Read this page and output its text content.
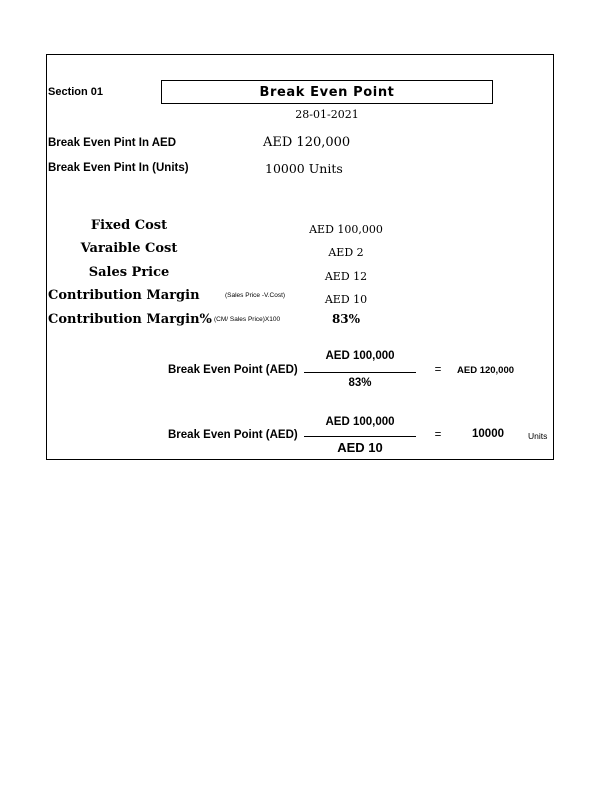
Section 01	Break Even Point
28-01-2021
Break Even Pint In AED	AED 120,000
Break Even Pint In (Units)	10000 Units
Fixed Cost	AED 100,000
Varaible Cost	AED 2
Sales Price	AED 12
Contribution Margin	(Sales Price -V.Cost)	AED 10
Contribution Margin% (CM/ Sales Price)X100	83%
Break Even Point (AED)
AED 100,000
83%
= AED 120,000
Break Even Point (AED)
AED 100,000
AED 10
=	10000	Units
